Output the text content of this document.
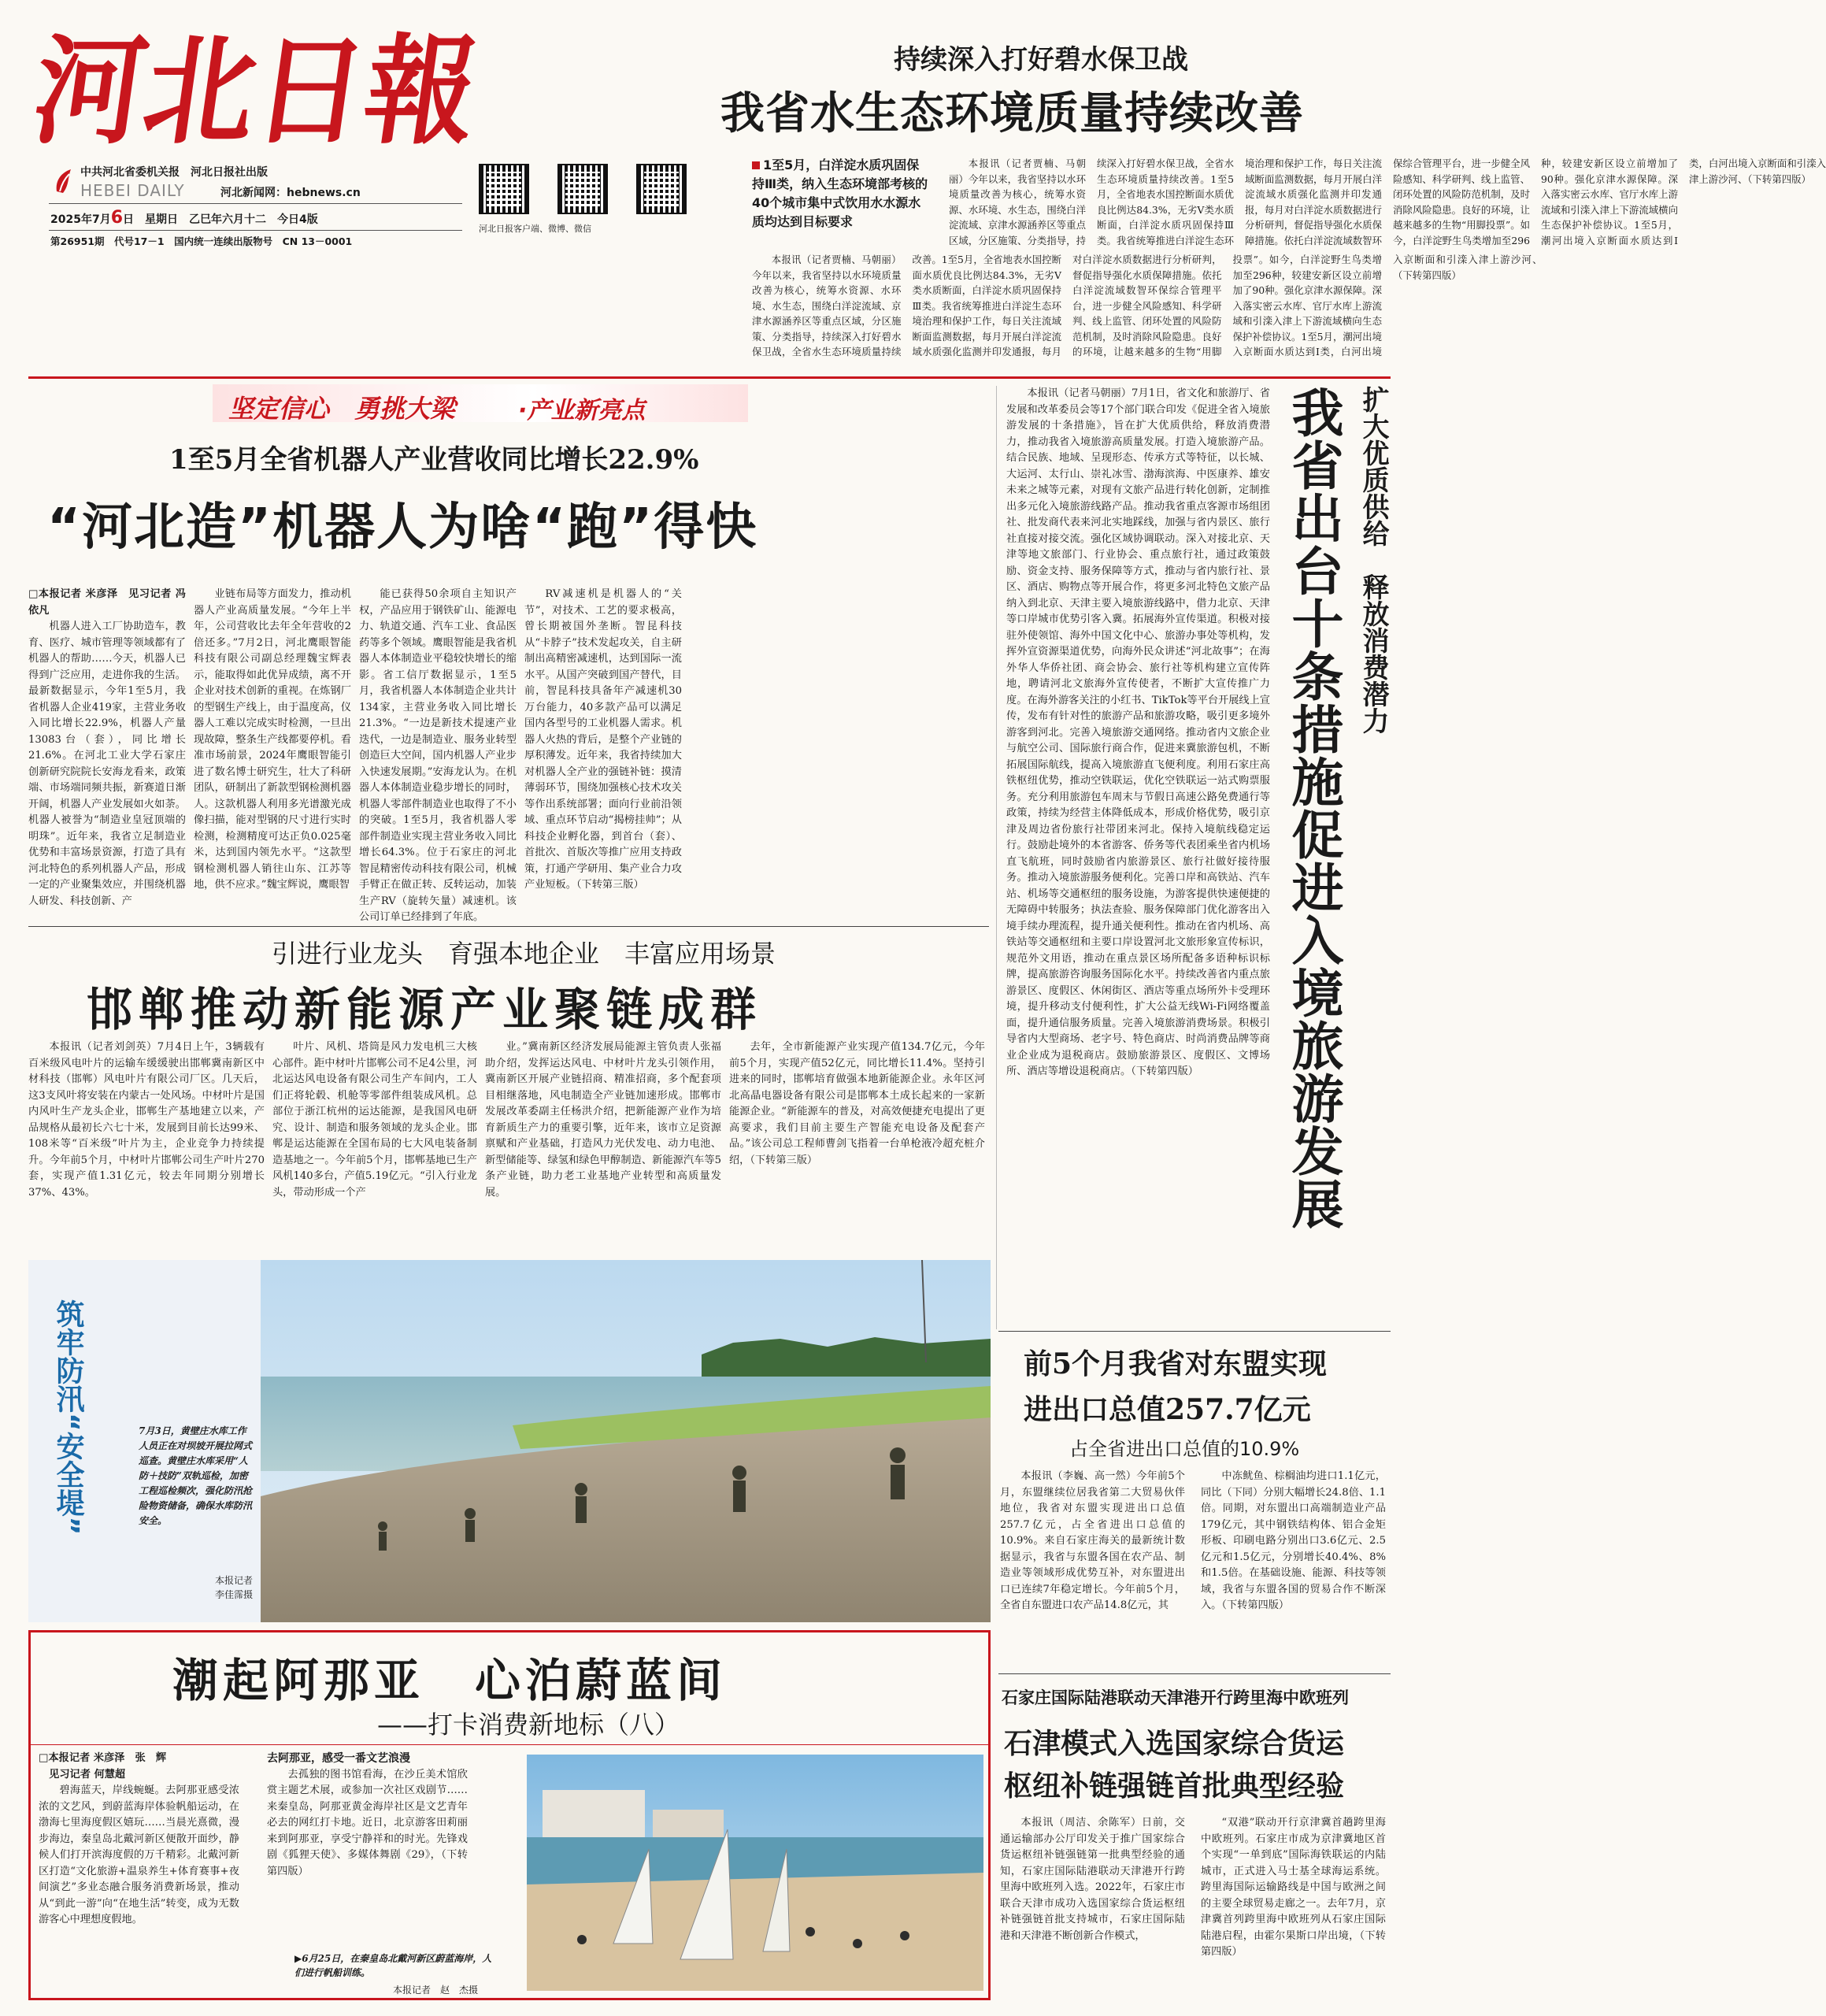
河北日報
中共河北省委机关报　河北日报社出版
HEBEI DAILY	河北新闻网：hebnews.cn
2025年7月6日　星期日　乙巳年六月十二　今日4版
第26951期　代号17－1　国内统一连续出版物号　CN 13－0001
河北日报客户端、微博、微信
持续深入打好碧水保卫战
我省水生态环境质量持续改善
1至5月，白洋淀水质巩固保持Ⅲ类，纳入生态环境部考核的40个城市集中式饮用水水源水质均达到目标要求

本报讯（记者贾楠、马朝丽）今年以来，我省坚持以水环境质量改善为核心，统筹水资源、水环境、水生态，围绕白洋淀流域、京津水源涵养区等重点区域，分区施策、分类指导，持续深入打好碧水保卫战，全省水生态环境质量持续改善。1至5月，全省地表水国控断面水质优良比例达84.3%，无劣Ⅴ类水质断面，白洋淀水质巩固保持Ⅲ类。我省统筹推进白洋淀生态环境治理和保护工作，每日关注流域断面监测数据，每月开展白洋淀流域水质强化监测并印发通报，每月对白洋淀水质数据进行分析研判，督促指导强化水质保障措施。依托白洋淀流域数智环保综合管理平台，进一步健全风险感知、科学研判、线上监管、闭环处置的风险防范机制，及时消除风险隐患。良好的环境，让越来越多的生物“用脚投票”。如今，白洋淀野生鸟类增加至296种，较建安新区设立前增加了90种。强化京津水源保障。深入落实密云水库、官厅水库上游流域和引滦入津上下游流域横向生态保护补偿协议。1至5月，潮河出境入京断面水质达到Ⅰ类，白河出境入京断面和引滦入津上游沙河、（下转第四版）

本报讯（记者贾楠、马朝丽）今年以来，我省坚持以水环境质量改善为核心，统筹水资源、水环境、水生态，围绕白洋淀流域、京津水源涵养区等重点区域，分区施策、分类指导，持续深入打好碧水保卫战，全省水生态环境质量持续改善。1至5月，全省地表水国控断面水质优良比例达84.3%，无劣Ⅴ类水质断面，白洋淀水质巩固保持Ⅲ类。我省统筹推进白洋淀生态环境治理和保护工作，每日关注流域断面监测数据，每月开展白洋淀流域水质强化监测并印发通报，每月对白洋淀水质数据进行分析研判，督促指导强化水质保障措施。依托白洋淀流域数智环保综合管理平台，进一步健全风险感知、科学研判、线上监管、闭环处置的风险防范机制，及时消除风险隐患。良好的环境，让越来越多的生物“用脚投票”。如今，白洋淀野生鸟类增加至296种，较建安新区设立前增加了90种。强化京津水源保障。深入落实密云水库、官厅水库上游流域和引滦入津上下游流域横向生态保护补偿协议。1至5月，潮河出境入京断面水质达到Ⅰ类，白河出境入京断面和引滦入津上游沙河、（下转第四版）

坚定信心　勇挑大梁	·产业新亮点
1至5月全省机器人产业营收同比增长22.9%
“河北造”机器人为啥“跑”得快

□本报记者 米彦泽　见习记者 冯依凡

机器人进入工厂协助造车，教育、医疗、城市管理等领域都有了机器人的帮助……今天，机器人已得到广泛应用，走进你我的生活。最新数据显示，今年1至5月，我省机器人企业419家，主营业务收入同比增长22.9%，机器人产量13083台（套），同比增长21.6%。在河北工业大学石家庄创新研究院院长安海龙看来，政策端、市场端同频共振，新赛道日渐开阔，机器人产业发展如火如荼。机器人被誉为“制造业皇冠顶端的明珠”。近年来，我省立足制造业优势和丰富场景资源，打造了具有河北特色的系列机器人产品，形成一定的产业聚集效应，并围绕机器人研发、科技创新、产

业链布局等方面发力，推动机器人产业高质量发展。“今年上半年，公司营收比去年全年营收的2倍还多。”7月2日，河北鹰眼智能科技有限公司副总经理魏宝辉表示，能取得如此优异成绩，离不开企业对技术创新的重视。在炼钢厂的型钢生产线上，由于温度高，仪器人工难以完成实时检测，一旦出现故障，整条生产线都要停机。看准市场前景，2024年鹰眼智能引进了数名博士研究生，壮大了科研团队，研制出了新款型钢检测机器人。这款机器人利用多光谱激光成像扫描，能对型钢的尺寸进行实时检测，检测精度可达正负0.025毫米，达到国内领先水平。“这款型钢检测机器人销往山东、江苏等地，供不应求。”魏宝辉说，鹰眼智

能已获得50余项自主知识产权，产品应用于钢铁矿山、能源电力、轨道交通、汽车工业、食品医药等多个领域。鹰眼智能是我省机器人本体制造业平稳较快增长的缩影。省工信厅数据显示，1至5月，我省机器人本体制造企业共计134家，主营业务收入同比增长21.3%。“一边是新技术提速产业迭代，一边是制造业、服务业转型创造巨大空间，国内机器人产业步入快速发展期。”安海龙认为。在机器人本体制造业稳步增长的同时，机器人零部件制造业也取得了不小的突破。1至5月，我省机器人零部件制造业实现主营业务收入同比增长64.3%。位于石家庄的河北智昆精密传动科技有限公司，机械手臂正在做正转、反转运动，加装生产RV（旋转矢量）减速机。该公司订单已经排到了年底。

RV减速机是机器人的“关节”，对技术、工艺的要求极高，曾长期被国外垄断。智昆科技从“卡脖子”技术发起攻关，自主研制出高精密减速机，达到国际一流水平。从国产突破到国产替代，目前，智昆科技具备年产减速机30万台能力，40多款产品可以满足国内各型号的工业机器人需求。机器人火热的背后，是整个产业链的厚积薄发。近年来，我省持续加大对机器人全产业的强链补链：摸清薄弱环节，围绕加强核心技术攻关等作出系统部署；面向行业前沿领域、重点环节启动“揭榜挂帅”；从科技企业孵化器，到首台（套）、首批次、首版次等推广应用支持政策，打通产学研用、集产业合力攻产业短板。（下转第三版）

本报讯（记者马朝丽）7月1日，省文化和旅游厅、省发展和改革委员会等17个部门联合印发《促进全省入境旅游发展的十条措施》，旨在扩大优质供给，释放消费潜力，推动我省入境旅游高质量发展。打造入境旅游产品。结合民族、地域、呈现形态、传承方式等特征，以长城、大运河、太行山、崇礼冰雪、渤海滨海、中医康养、雄安未来之城等元素，对现有文旅产品进行转化创新，定制推出多元化入境旅游线路产品。推动我省重点客源市场组团社、批发商代表来河北实地踩线，加强与省内景区、旅行社直接对接交流。强化区域协调联动。深入对接北京、天津等地文旅部门、行业协会、重点旅行社，通过政策鼓励、资金支持、服务保障等方式，推动与省内旅行社、景区、酒店、购物点等开展合作，将更多河北特色文旅产品纳入到北京、天津主要入境旅游线路中，借力北京、天津等口岸城市优势引客入冀。拓展海外宣传渠道。积极对接驻外使领馆、海外中国文化中心、旅游办事处等机构，发挥外宣资源渠道优势，向海外民众讲述“河北故事”；在海外华人华侨社团、商会协会、旅行社等机构建立宣传阵地，聘请河北文旅海外宣传使者，不断扩大宣传推广力度。在海外游客关注的小红书、TikTok等平台开展线上宣传，发布有针对性的旅游产品和旅游攻略，吸引更多境外游客到河北。完善入境旅游交通网络。推动省内文旅企业与航空公司、国际旅行商合作，促进来冀旅游包机，不断拓展国际航线，提高入境旅游直飞便利度。利用石家庄高铁枢纽优势，推动空铁联运，优化空铁联运一站式购票服务。充分利用旅游包车周末与节假日高速公路免费通行等政策，持续为经营主体降低成本，形成价格优势，吸引京津及周边省份旅行社带团来河北。保持入境航线稳定运行。鼓励赴境外的本省游客、侨务等代表团乘坐省内机场直飞航班，同时鼓励省内旅游景区、旅行社做好接待服务。推动入境旅游服务便利化。完善口岸和高铁站、汽车站、机场等交通枢纽的服务设施，为游客提供快速便捷的无障碍中转服务；执法查验、服务保障部门优化游客出入境手续办理流程，提升通关便利性。推动在省内机场、高铁站等交通枢纽和主要口岸设置河北文旅形象宣传标识，规范外文用语，推动在重点景区场所配备多语种标识标牌，提高旅游咨询服务国际化水平。持续改善省内重点旅游景区、度假区、休闲街区、酒店等重点场所外卡受理环境，提升移动支付便利性，扩大公益无线Wi-Fi网络覆盖面，提升通信服务质量。完善入境旅游消费场景。积极引导省内大型商场、老字号、特色商店、时尚消费品牌等商业企业成为退税商店。鼓励旅游景区、度假区、文博场所、酒店等增设退税商店。（下转第四版）

扩大优质供给　释放消费潜力
我省出台十条措施促进入境旅游发展
引进行业龙头　育强本地企业　丰富应用场景
邯郸推动新能源产业聚链成群

本报讯（记者刘剑英）7月4日上午，3辆载有百米级风电叶片的运输车缓缓驶出邯郸冀南新区中材科技（邯郸）风电叶片有限公司厂区。几天后，这3支风叶将安装在内蒙古一处风场。中材叶片是国内风叶生产龙头企业，邯郸生产基地建立以来，产品规格从最初长六七十米，发展到目前长达99米、108米等“百米级”叶片为主，企业竞争力持续提升。今年前5个月，中材叶片邯郸公司生产叶片270套，实现产值1.31亿元，较去年同期分别增长37%、43%。

叶片、风机、塔筒是风力发电机三大核心部件。距中材叶片邯郸公司不足4公里，河北运达风电设备有限公司生产车间内，工人们正将轮毂、机舱等零部件组装成风机。总部位于浙江杭州的运达能源，是我国风电研究、设计、制造和服务领域的龙头企业。邯郸是运达能源在全国布局的七大风电装备制造基地之一。今年前5个月，邯郸基地已生产风机140多台，产值5.19亿元。“引入行业龙头，带动形成一个产

业。”冀南新区经济发展局能源主管负责人张福助介绍，发挥运达风电、中材叶片龙头引领作用，冀南新区开展产业链招商、精准招商，多个配套项目相继落地，风电制造全产业链加速形成。邯郸市发展改革委副主任杨洪介绍，把新能源产业作为培育新质生产力的重要引擎，近年来，该市立足资源禀赋和产业基础，打造风力光伏发电、动力电池、新型储能等、绿氢和绿色甲醇制造、新能源汽车等5条产业链，助力老工业基地产业转型和高质量发展。

去年，全市新能源产业实现产值134.7亿元，今年前5个月，实现产值52亿元，同比增长11.4%。坚持引进来的同时，邯郸培育做强本地新能源企业。永年区河北高晶电器设备有限公司是邯郸本土成长起来的一家新能源企业。“新能源车的普及，对高效便捷充电提出了更高要求，我们目前主要生产智能充电设备及配套产品。”该公司总工程师曹剑飞指着一台单枪液冷超充桩介绍，（下转第三版）

筑牢防汛“安全堤”	7月3日，黄壁庄水库工作人员正在对坝坡开展拉网式巡查。黄壁庄水库采用“人防＋技防”双轨巡检，加密工程巡检频次，强化防汛抢险物资储备，确保水库防汛安全。
本报记者
李佳霈摄
前5个月我省对东盟实现
进出口总值257.7亿元
占全省进出口总值的10.9%

本报讯（李巍、高一然）今年前5个月，东盟继续位居我省第二大贸易伙伴地位，我省对东盟实现进出口总值257.7亿元，占全省进出口总值的10.9%。来自石家庄海关的最新统计数据显示，我省与东盟各国在农产品、制造业等领域形成优势互补，对东盟进出口已连续7年稳定增长。今年前5个月，全省自东盟进口农产品14.8亿元，其

中冻鱿鱼、棕榈油均进口1.1亿元，同比（下同）分别大幅增长24.8倍、1.1倍。同期，对东盟出口高端制造业产品179亿元，其中钢铁结构体、铝合金矩形板、印刷电路分别出口3.6亿元、2.5亿元和1.5亿元，分别增长40.4%、8%和1.5倍。在基础设施、能源、科技等领域，我省与东盟各国的贸易合作不断深入。（下转第四版）

潮起阿那亚　心泊蔚蓝间
——打卡消费新地标（八）

□本报记者 米彦泽　张　辉
　见习记者 何慧超

碧海蓝天，岸线蜿蜒。去阿那亚感受浓浓的文艺风，到蔚蓝海岸体验帆船运动，在渤海七里海度假区嬉玩……当晨光熹微，漫步海边，秦皇岛北戴河新区便散开面纱，静候人们打开滨海度假的万千精彩。北戴河新区打造“文化旅游+温泉养生+体育赛事+夜间演艺”多业态融合服务消费新场景，推动从“到此一游”向“在地生活”转变，成为无数游客心中理想度假地。

去阿那亚，感受一番文艺浪漫

去孤独的图书馆看海，在沙丘美术馆欣赏主题艺术展，或参加一次社区戏剧节……来秦皇岛，阿那亚黄金海岸社区是文艺青年必去的网红打卡地。近日，北京游客田莉丽来到阿那亚，享受宁静祥和的时光。先锋戏剧《狐狸天使》、多媒体舞剧《29》，（下转第四版）

▶6月25日，在秦皇岛北戴河新区蔚蓝海岸，人们进行帆船训练。
本报记者　赵　杰摄
石家庄国际陆港联动天津港开行跨里海中欧班列
石津模式入选国家综合货运
枢纽补链强链首批典型经验

本报讯（周洁、余陈军）日前，交通运输部办公厅印发关于推广国家综合货运枢纽补链强链第一批典型经验的通知，石家庄国际陆港联动天津港开行跨里海中欧班列入选。2022年，石家庄市联合天津市成功入选国家综合货运枢纽补链强链首批支持城市，石家庄国际陆港和天津港不断创新合作模式，

“双港”联动开行京津冀首趟跨里海中欧班列。石家庄市成为京津冀地区首个实现“一单到底”国际海铁联运的内陆城市，正式进入马士基全球海运系统。跨里海国际运输路线是中国与欧洲之间的主要全球贸易走廊之一。去年7月，京津冀首列跨里海中欧班列从石家庄国际陆港启程，由霍尔果斯口岸出境，（下转第四版）
